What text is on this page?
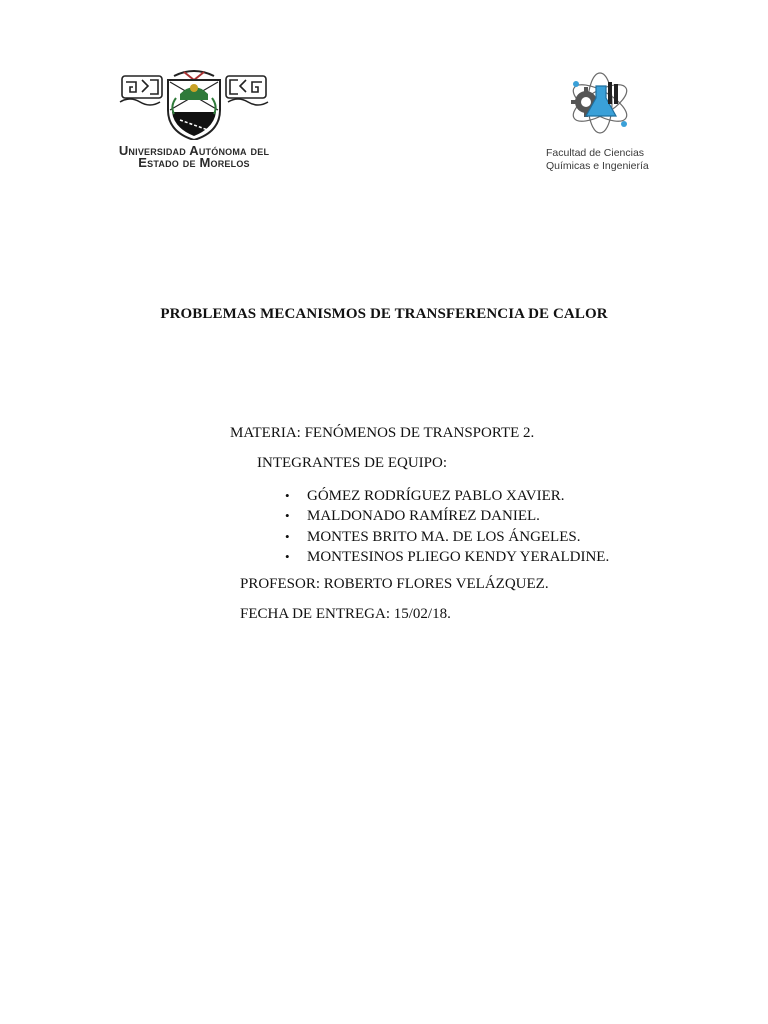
Universidad Autónoma del
Estado de Morelos
Facultad de Ciencias
Químicas e Ingeniería
PROBLEMAS MECANISMOS DE TRANSFERENCIA DE CALOR
MATERIA: FENÓMENOS DE TRANSPORTE 2.
INTEGRANTES DE EQUIPO:
• GÓMEZ RODRÍGUEZ PABLO XAVIER.
• MALDONADO RAMÍREZ DANIEL.
• MONTES BRITO MA. DE LOS ÁNGELES.
• MONTESINOS PLIEGO KENDY YERALDINE.
PROFESOR: ROBERTO FLORES VELÁZQUEZ.
FECHA DE ENTREGA: 15/02/18.
